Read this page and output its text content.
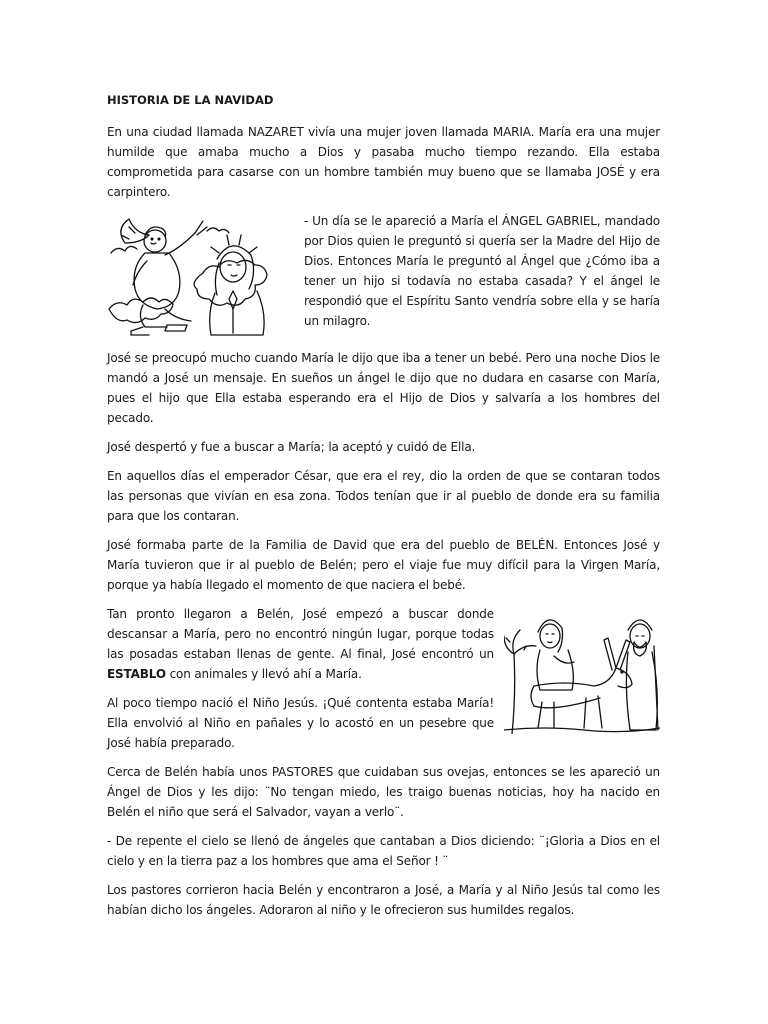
HISTORIA DE LA NAVIDAD

En una ciudad llamada NAZARET vivía una mujer joven llamada MARIA. María era una mujer humilde que amaba mucho a Dios y pasaba mucho tiempo rezando. Ella estaba comprometida para casarse con un hombre también muy bueno que se llamaba JOSÉ y era carpintero.

- Un día se le apareció a María el ÁNGEL GABRIEL, mandado por Dios quien le preguntó si quería ser la Madre del Hijo de Dios. Entonces María le preguntó al Ángel que ¿Cómo iba a tener un hijo si todavía no estaba casada? Y el ángel le respondió que el Espíritu Santo vendría sobre ella y se haría un milagro.

José se preocupó mucho cuando María le dijo que iba a tener un bebé. Pero una noche Dios le mandó a José un mensaje. En sueños un ángel le dijo que no dudara en casarse con María, pues el hijo que Ella estaba esperando era el Hijo de Dios y salvaría a los hombres del pecado.

José despertó y fue a buscar a María; la aceptó y cuidó de Ella.

En aquellos días el emperador César, que era el rey, dio la orden de que se contaran todos las personas que vivían en esa zona. Todos tenían que ir al pueblo de donde era su familia para que los contaran.

José formaba parte de la Familia de David que era del pueblo de BELÉN. Entonces José y María tuvieron que ir al pueblo de Belén; pero el viaje fue muy difícil para la Virgen María, porque ya había llegado el momento de que naciera el bebé.

Tan pronto llegaron a Belén, José empezó a buscar donde descansar a María, pero no encontró ningún lugar, porque todas las posadas estaban llenas de gente. Al final, José encontró un ESTABLO con animales y llevó ahí a María.

Al poco tiempo nació el Niño Jesús. ¡Qué contenta estaba María! Ella envolvió al Niño en pañales y lo acostó en un pesebre que José había preparado.

Cerca de Belén había unos PASTORES que cuidaban sus ovejas, entonces se les apareció un Ángel de Dios y les dijo: ¨No tengan miedo, les traigo buenas noticias, hoy ha nacido en Belén el niño que será el Salvador, vayan a verlo¨.

- De repente el cielo se llenó de ángeles que cantaban a Dios diciendo: ¨¡Gloria a Dios en el cielo y en la tierra paz a los hombres que ama el Señor ! ¨

Los pastores corrieron hacia Belén y encontraron a José, a María y al Niño Jesús tal como les habían dicho los ángeles. Adoraron al niño y le ofrecieron sus humildes regalos.
